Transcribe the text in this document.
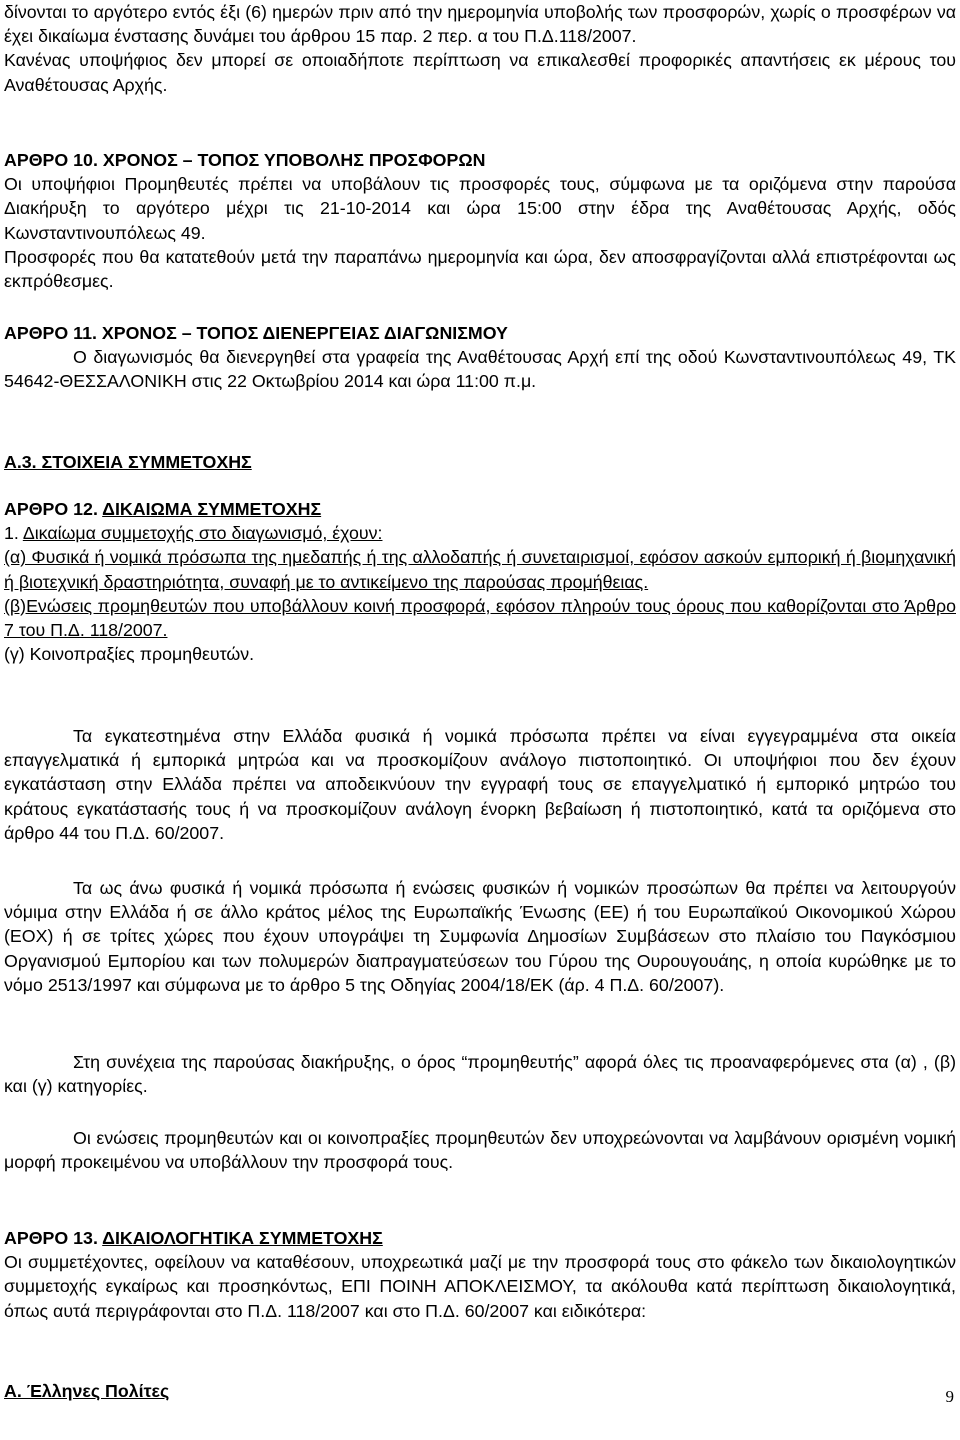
δίνονται το αργότερο εντός έξι (6) ημερών πριν από την ημερομηνία υποβολής των προσφορών, χωρίς ο προσφέρων να έχει δικαίωμα ένστασης δυνάμει του άρθρου 15 παρ. 2 περ. α του Π.Δ.118/2007.

Κανένας υποψήφιος δεν μπορεί σε οποιαδήποτε περίπτωση να επικαλεσθεί προφορικές απαντήσεις εκ μέρους του Αναθέτουσας Αρχής.

ΑΡΘΡΟ 10. ΧΡΟΝΟΣ – ΤΟΠΟΣ ΥΠΟΒΟΛΗΣ ΠΡΟΣΦΟΡΩΝ

Οι υποψήφιοι Προμηθευτές πρέπει να υποβάλουν τις προσφορές τους, σύμφωνα με τα οριζόμενα στην παρούσα Διακήρυξη το αργότερο μέχρι τις 21-10-2014 και ώρα 15:00 στην έδρα της Αναθέτουσας Αρχής, οδός Κωνσταντινουπόλεως 49.

Προσφορές που θα κατατεθούν μετά την παραπάνω ημερομηνία και ώρα, δεν αποσφραγίζονται αλλά επιστρέφονται ως εκπρόθεσμες.

ΑΡΘΡΟ 11. ΧΡΟΝΟΣ – ΤΟΠΟΣ ΔΙΕΝΕΡΓΕΙΑΣ ΔΙΑΓΩΝΙΣΜΟΥ

Ο διαγωνισμός θα διενεργηθεί στα γραφεία της Αναθέτουσας Αρχή επί της οδού Κωνσταντινουπόλεως 49, ΤΚ 54642-ΘΕΣΣΑΛΟΝΙΚΗ στις 22 Οκτωβρίου 2014 και ώρα 11:00 π.μ.

Α.3. ΣΤΟΙΧΕΙΑ ΣΥΜΜΕΤΟΧΗΣ

ΑΡΘΡΟ 12. ΔΙΚΑΙΩΜΑ ΣΥΜΜΕΤΟΧΗΣ

1. Δικαίωμα συμμετοχής στο διαγωνισμό, έχουν:

(α) Φυσικά ή νομικά πρόσωπα της ημεδαπής ή της αλλοδαπής ή συνεταιρισμοί, εφόσον ασκούν εμπορική ή βιομηχανική ή βιοτεχνική δραστηριότητα, συναφή με το αντικείμενο της παρούσας προμήθειας.

(β)Ενώσεις προμηθευτών που υποβάλλουν κοινή προσφορά, εφόσον πληρούν τους όρους που καθορίζονται στο Άρθρο 7 του Π.Δ. 118/2007.

(γ) Κοινοπραξίες προμηθευτών.

Τα εγκατεστημένα στην Ελλάδα φυσικά ή νομικά πρόσωπα πρέπει να είναι εγγεγραμμένα στα οικεία επαγγελματικά ή εμπορικά μητρώα και να προσκομίζουν ανάλογο πιστοποιητικό. Οι υποψήφιοι που δεν έχουν εγκατάσταση στην Ελλάδα πρέπει να αποδεικνύουν την εγγραφή τους σε επαγγελματικό ή εμπορικό μητρώο του κράτους εγκατάστασής τους ή να προσκομίζουν ανάλογη ένορκη βεβαίωση ή πιστοποιητικό, κατά τα οριζόμενα στο άρθρο 44 του Π.Δ. 60/2007.

Τα ως άνω φυσικά ή νομικά πρόσωπα ή ενώσεις φυσικών ή νομικών προσώπων θα πρέπει να λειτουργούν νόμιμα στην Ελλάδα ή σε άλλο κράτος μέλος της Ευρωπαϊκής Ένωσης (ΕΕ) ή του Ευρωπαϊκού Οικονομικού Χώρου (ΕΟΧ) ή σε τρίτες χώρες που έχουν υπογράψει τη Συμφωνία Δημοσίων Συμβάσεων στο πλαίσιο του Παγκόσμιου Οργανισμού Εμπορίου και των πολυμερών διαπραγματεύσεων του Γύρου της Ουρουγουάης, η οποία κυρώθηκε με το νόμο 2513/1997 και σύμφωνα με το άρθρο 5 της Οδηγίας 2004/18/ΕΚ (άρ. 4 Π.Δ. 60/2007).

Στη συνέχεια της παρούσας διακήρυξης, ο όρος “προμηθευτής” αφορά όλες τις προαναφερόμενες στα (α) , (β) και (γ) κατηγορίες.

Οι ενώσεις προμηθευτών και οι κοινοπραξίες προμηθευτών δεν υποχρεώνονται να λαμβάνουν ορισμένη νομική μορφή προκειμένου να υποβάλλουν την προσφορά τους.

ΑΡΘΡΟ 13. ΔΙΚΑΙΟΛΟΓΗΤΙΚΑ ΣΥΜΜΕΤΟΧΗΣ

Οι συμμετέχοντες, οφείλουν να καταθέσουν, υποχρεωτικά μαζί με την προσφορά τους στο φάκελο των δικαιολογητικών συμμετοχής εγκαίρως και προσηκόντως, ΕΠΙ ΠΟΙΝΗ ΑΠΟΚΛΕΙΣΜΟΥ, τα ακόλουθα κατά περίπτωση δικαιολογητικά, όπως αυτά περιγράφονται στο Π.Δ. 118/2007 και στο Π.Δ. 60/2007 και ειδικότερα:

Α. Έλληνες Πολίτες	9
